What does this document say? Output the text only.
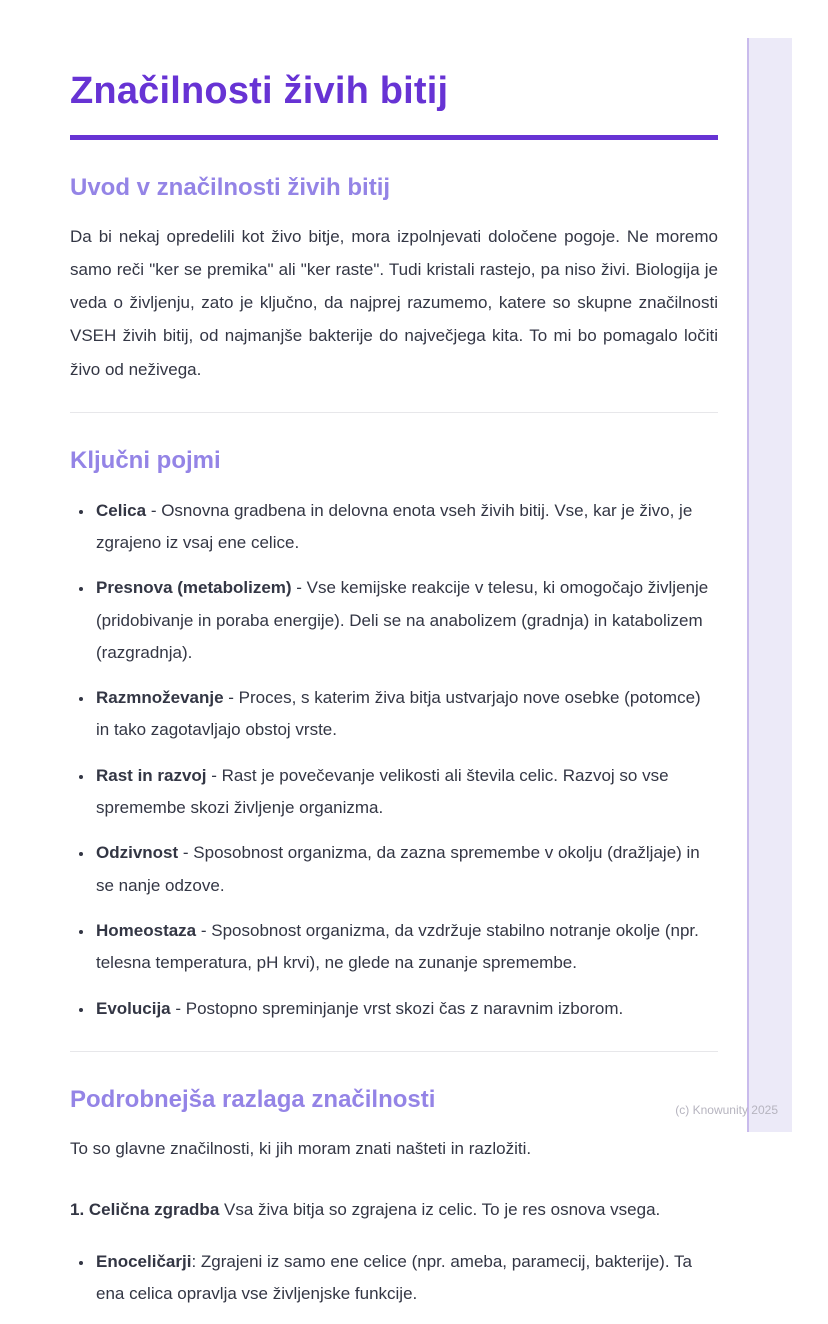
Značilnosti živih bitij
Uvod v značilnosti živih bitij

Da bi nekaj opredelili kot živo bitje, mora izpolnjevati določene pogoje. Ne moremo samo reči "ker se premika" ali "ker raste". Tudi kristali rastejo, pa niso živi. Biologija je veda o življenju, zato je ključno, da najprej razumemo, katere so skupne značilnosti VSEH živih bitij, od najmanjše bakterije do največjega kita. To mi bo pomagalo ločiti živo od neživega.

Ključni pojmi
• Celica - Osnovna gradbena in delovna enota vseh živih bitij. Vse, kar je živo, je zgrajeno iz vsaj ene celice.
• Presnova (metabolizem) - Vse kemijske reakcije v telesu, ki omogočajo življenje (pridobivanje in poraba energije). Deli se na anabolizem (gradnja) in katabolizem (razgradnja).
• Razmnoževanje - Proces, s katerim živa bitja ustvarjajo nove osebke (potomce) in tako zagotavljajo obstoj vrste.
• Rast in razvoj - Rast je povečevanje velikosti ali števila celic. Razvoj so vse spremembe skozi življenje organizma.
• Odzivnost - Sposobnost organizma, da zazna spremembe v okolju (dražljaje) in se nanje odzove.
• Homeostaza - Sposobnost organizma, da vzdržuje stabilno notranje okolje (npr. telesna temperatura, pH krvi), ne glede na zunanje spremembe.
• Evolucija - Postopno spreminjanje vrst skozi čas z naravnim izborom.
Podrobnejša razlaga značilnosti

To so glavne značilnosti, ki jih moram znati našteti in razložiti.

1. Celična zgradba Vsa živa bitja so zgrajena iz celic. To je res osnova vsega.

• Enoceličarji: Zgrajeni iz samo ene celice (npr. ameba, paramecij, bakterije). Ta ena celica opravlja vse življenjske funkcije.
(c) Knowunity 2025
